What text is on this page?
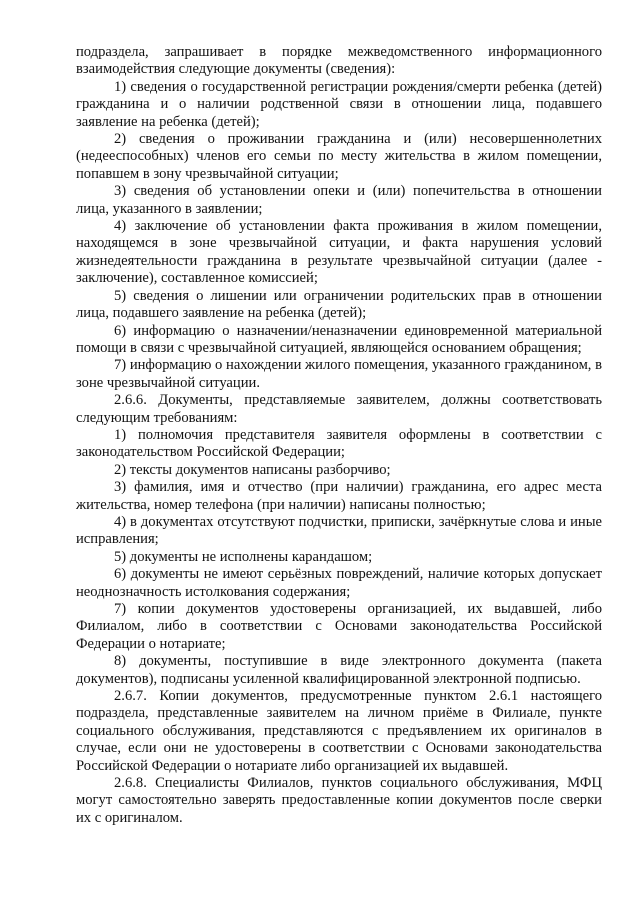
подраздела, запрашивает в порядке межведомственного информационного взаимодействия следующие документы (сведения):

1) сведения о государственной регистрации рождения/смерти ребенка (детей) гражданина и о наличии родственной связи в отношении лица, подавшего заявление на ребенка (детей);

2) сведения о проживании гражданина и (или) несовершеннолетних (недееспособных) членов его семьи по месту жительства в жилом помещении, попавшем в зону чрезвычайной ситуации;

3) сведения об установлении опеки и (или) попечительства в отношении лица, указанного в заявлении;

4) заключение об установлении факта проживания в жилом помещении, находящемся в зоне чрезвычайной ситуации, и факта нарушения условий жизнедеятельности гражданина в результате чрезвычайной ситуации (далее - заключение), составленное комиссией;

5) сведения о лишении или ограничении родительских прав в отношении лица, подавшего заявление на ребенка (детей);

6) информацию о назначении/неназначении единовременной материальной помощи в связи с чрезвычайной ситуацией, являющейся основанием обращения;

7) информацию о нахождении жилого помещения, указанного гражданином, в зоне чрезвычайной ситуации.

2.6.6. Документы, представляемые заявителем, должны соответствовать следующим требованиям:

1) полномочия представителя заявителя оформлены в соответствии с законодательством Российской Федерации;

2) тексты документов написаны разборчиво;

3) фамилия, имя и отчество (при наличии) гражданина, его адрес места жительства, номер телефона (при наличии) написаны полностью;

4) в документах отсутствуют подчистки, приписки, зачёркнутые слова и иные исправления;

5) документы не исполнены карандашом;

6) документы не имеют серьёзных повреждений, наличие которых допускает неоднозначность истолкования содержания;

7) копии документов удостоверены организацией, их выдавшей, либо Филиалом, либо в соответствии с Основами законодательства Российской Федерации о нотариате;

8) документы, поступившие в виде электронного документа (пакета документов), подписаны усиленной квалифицированной электронной подписью.

2.6.7. Копии документов, предусмотренные пунктом 2.6.1 настоящего подраздела, представленные заявителем на личном приёме в Филиале, пункте социального обслуживания, представляются с предъявлением их оригиналов в случае, если они не удостоверены в соответствии с Основами законодательства Российской Федерации о нотариате либо организацией их выдавшей.

2.6.8. Специалисты Филиалов, пунктов социального обслуживания, МФЦ могут самостоятельно заверять предоставленные копии документов после сверки их с оригиналом.
